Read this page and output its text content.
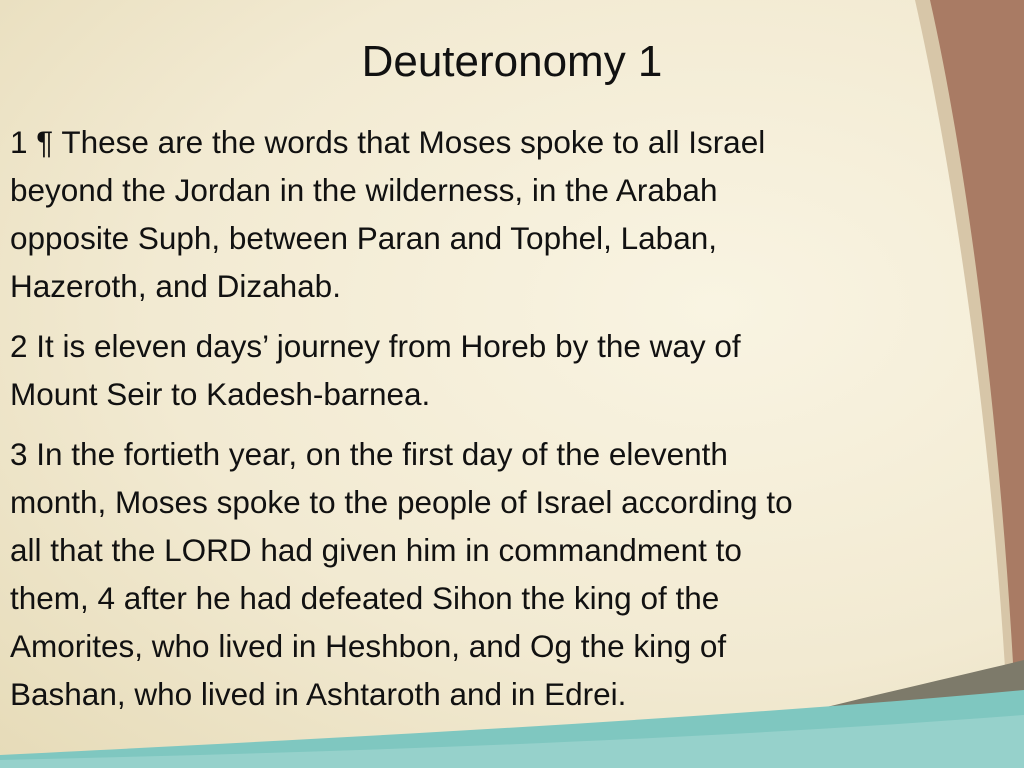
Deuteronomy 1

1 ¶ These are the words that Moses spoke to all Israel
beyond the Jordan in the wilderness, in the Arabah
opposite Suph, between Paran and Tophel, Laban,
Hazeroth, and Dizahab.

2 It is eleven days’ journey from Horeb by the way of
Mount Seir to Kadesh-barnea.

3 In the fortieth year, on the first day of the eleventh
month, Moses spoke to the people of Israel according to
all that the LORD had given him in commandment to
them, 4 after he had defeated Sihon the king of the
Amorites, who lived in Heshbon, and Og the king of
Bashan, who lived in Ashtaroth and in Edrei.
